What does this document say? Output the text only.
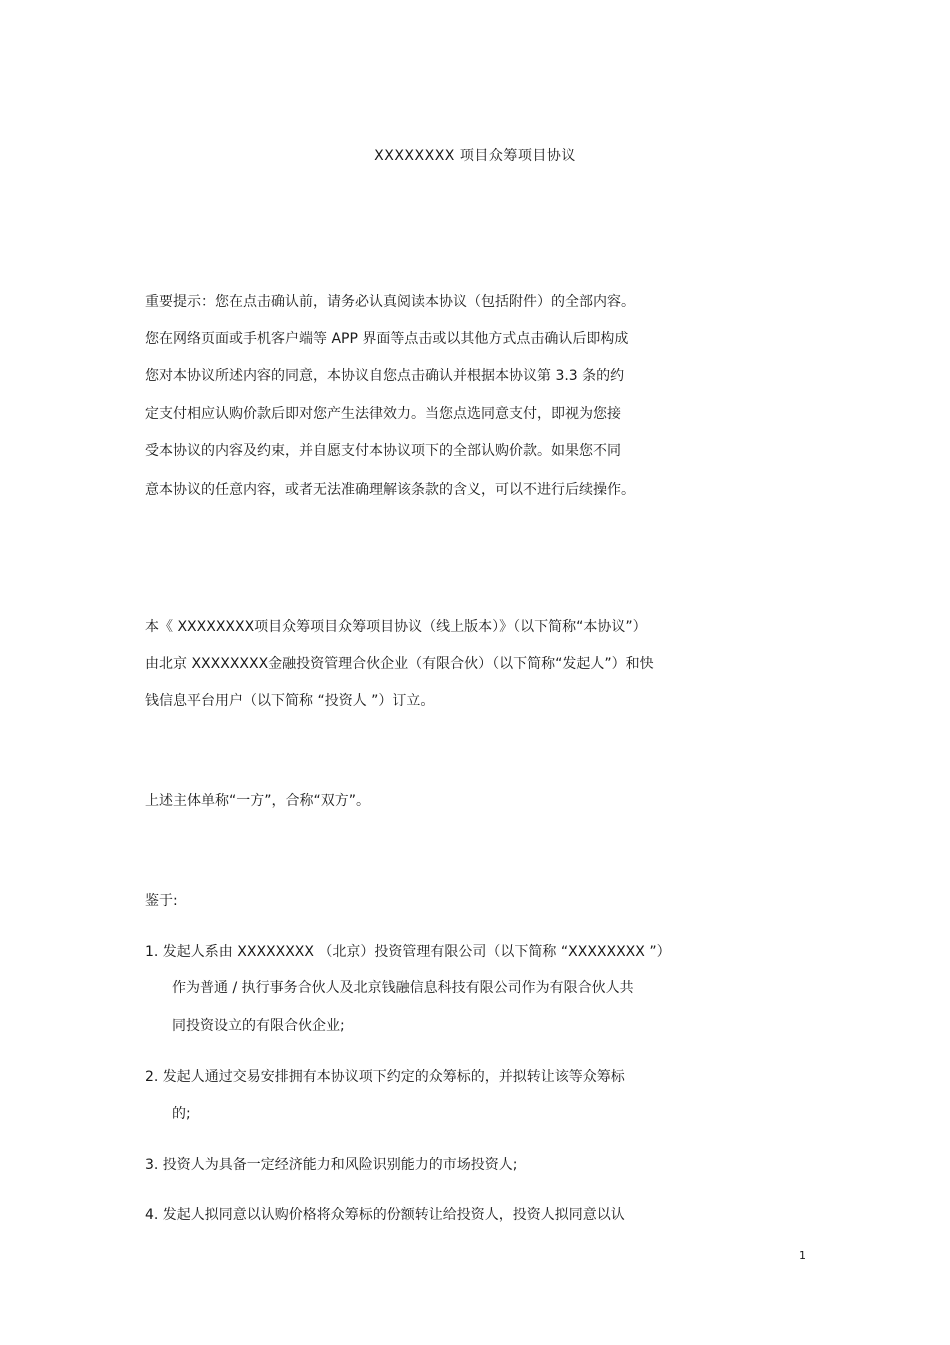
XXXXXXXX 项目众筹项目协议
重要提示：您在点击确认前，请务必认真阅读本协议（包括附件）的全部内容。
您在网络页面或手机客户端等 APP 界面等点击或以其他方式点击确认后即构成
您对本协议所述内容的同意，本协议自您点击确认并根据本协议第 3.3 条的约
定支付相应认购价款后即对您产生法律效力。当您点选同意支付，即视为您接
受本协议的内容及约束，并自愿支付本协议项下的全部认购价款。如果您不同
意本协议的任意内容，或者无法准确理解该条款的含义，可以不进行后续操作。
本《 XXXXXXXX项目众筹项目众筹项目协议（线上版本）》（以下简称“本协议”）
由北京 XXXXXXXX金融投资管理合伙企业（有限合伙）（以下简称“发起人”）和快
钱信息平台用户（以下简称 “投资人 ”）订立。
上述主体单称“一方”，合称“双方”。
鉴于:
1. 发起人系由 XXXXXXXX （北京）投资管理有限公司（以下简称 “XXXXXXXX ”）
作为普通 / 执行事务合伙人及北京钱融信息科技有限公司作为有限合伙人共
同投资设立的有限合伙企业;
2. 发起人通过交易安排拥有本协议项下约定的众筹标的，并拟转让该等众筹标
的;
3. 投资人为具备一定经济能力和风险识别能力的市场投资人;
4. 发起人拟同意以认购价格将众筹标的份额转让给投资人，投资人拟同意以认
1
